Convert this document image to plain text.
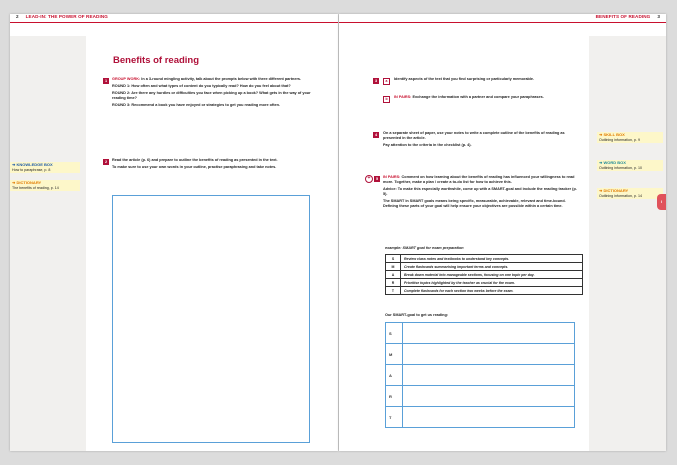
2 LEAD-IN: THE POWER OF READING
➜ KNOWLEDGE BOX
How to paraphrase, p. 8
➜ DICTIONARY
The benefits of reading, p. 14
Benefits of reading
1	GROUP WORK: In a 3-round mingling activity, talk about the prompts below with three different partners.

ROUND 1: How often and what types of content do you typically read? How do you feel about that?

ROUND 2: Are there any hurdles or difficulties you face when picking up a book? What gets in the way of your reading time?

ROUND 3: Recommend a book you have enjoyed or strategies to get you reading more often.

2	Read the article (p. 6) and prepare to outline the benefits of reading as presented in the text.

To make sure to use your own words in your outline, practise paraphrasing and take notes.

BENEFITS OF READING 3
➜ SKILL BOX
Outlining information, p. 9
➜ WORD BOX
Outlining information, p. 10
➜ DICTIONARY
Outlining information, p. 14
I
3	a	Identify aspects of the text that you find surprising or particularly memorable.

b	IN PAIRS: Exchange the information with a partner and compare your paraphrases.

4	On a separate sheet of paper, use your notes to write a complete outline of the benefits of reading as presented in the article.

Pay attention to the criteria in the checklist (p. 4).

+	5	IN PAIRS: Comment on how learning about the benefits of reading has influenced your willingness to read more. Together, make a plan / create a to-do list for how to achieve this.

Advice: To make this especially worthwhile, come up with a SMART-goal and include the reading tracker (p. 5).

The SMART in SMART goals means being specific, measurable, achievable, relevant and time-bound. Defining these parts of your goal will help ensure your objectives are possible within a certain time.

example: SMART goal for exam preparation
S	Review class notes and textbooks to understand key concepts.
M	Create flashcards summarising important terms and concepts.
A	Break down material into manageable sections, focusing on one topic per day.
R	Prioritise topics highlighted by the teacher as crucial for the exam.
T	Complete flashcards for each section two weeks before the exam.
Our SMART-goal to get us reading:
S	
M	
A	
R	
T	
